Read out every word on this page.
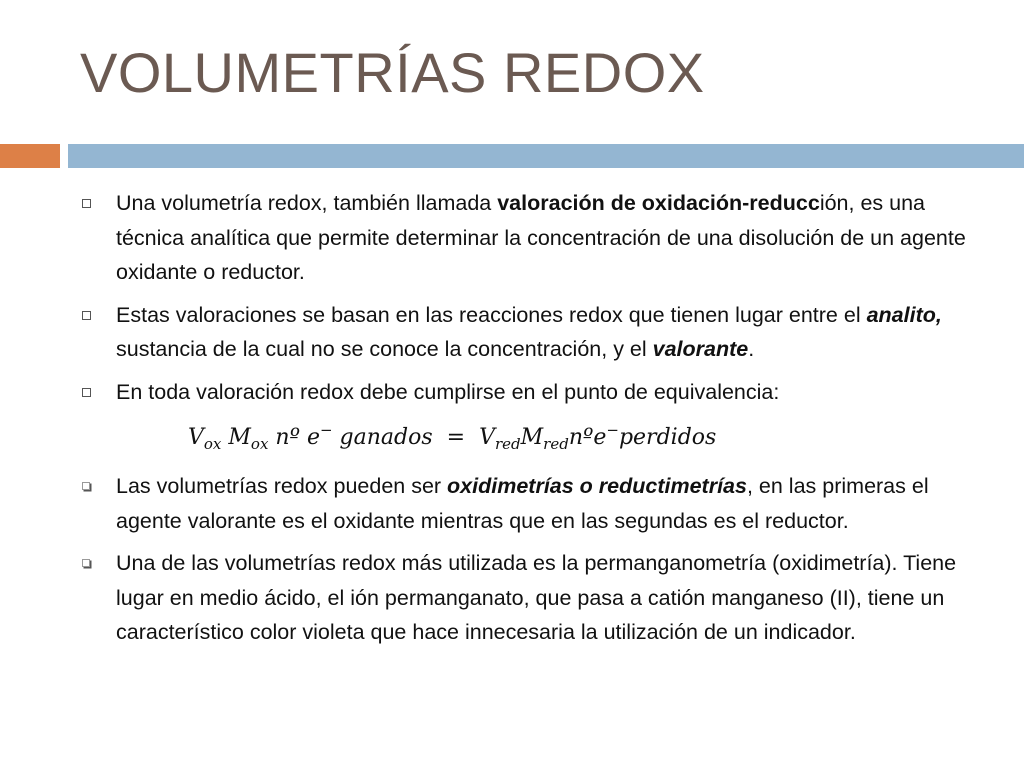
VOLUMETRÍAS REDOX
Una volumetría redox, también llamada valoración de oxidación-reducción, es una técnica analítica que permite determinar la concentración de una disolución de un agente oxidante o reductor.
Estas valoraciones se basan en las reacciones redox que tienen lugar entre el analito, sustancia de la cual no se conoce la concentración, y el valorante.
En toda valoración redox debe cumplirse en el punto de equivalencia:
$V_{ox}$ $M_{ox}$ nº e− ganados = $V_{red}M_{red}nºe^-perdidos$
Las volumetrías redox pueden ser oxidimetrías o reductimetrías, en las primeras el agente valorante es el oxidante mientras que en las segundas es el reductor.
Una de las volumetrías redox más utilizada es la permanganometría (oxidimetría). Tiene lugar en medio ácido, el ión permanganato, que pasa a catión manganeso (II), tiene un característico color violeta que hace innecesaria la utilización de un indicador.
